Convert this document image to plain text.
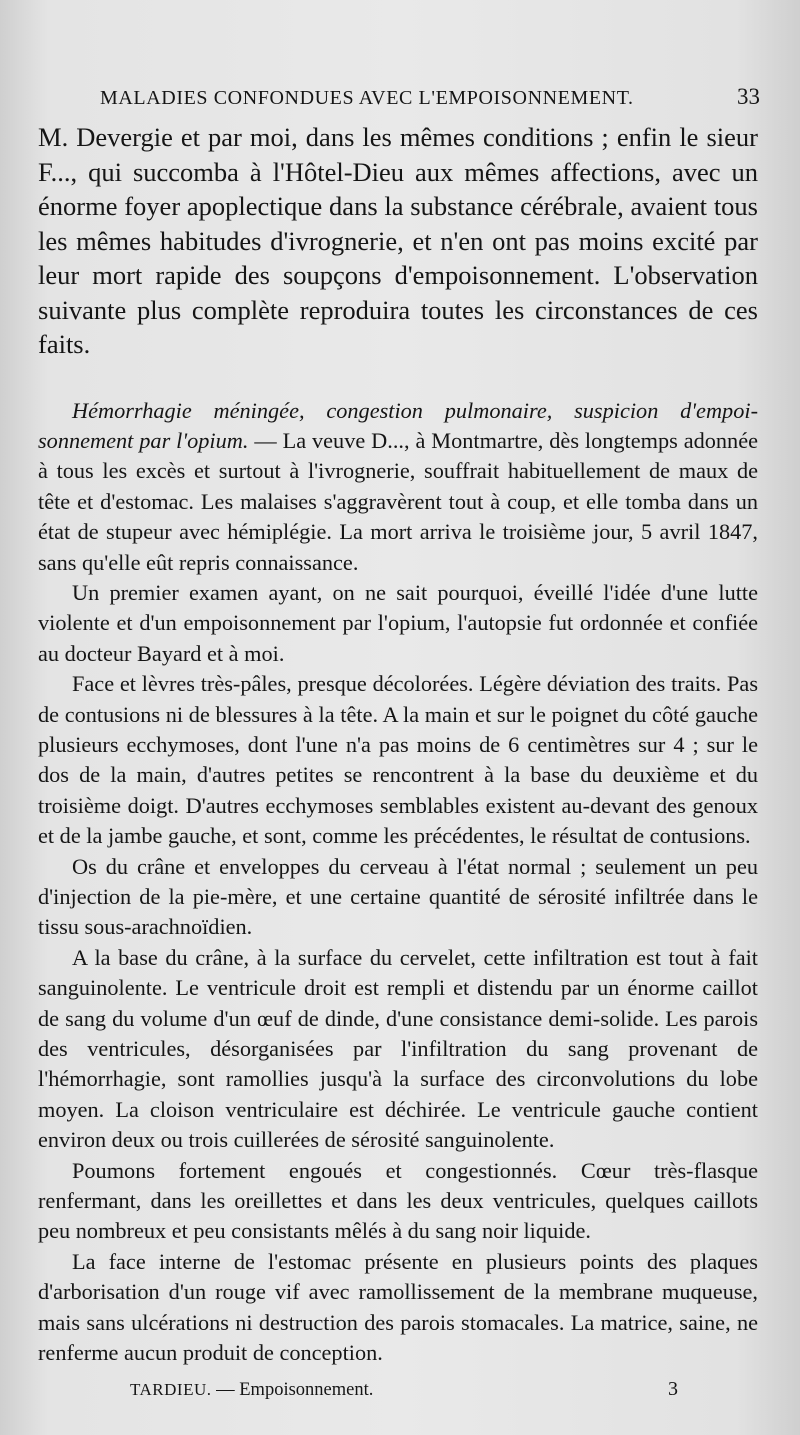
MALADIES CONFONDUES AVEC L'EMPOISONNEMENT.	33

M. Devergie et par moi, dans les mêmes conditions ; enfin le sieur F..., qui succomba à l'Hôtel-Dieu aux mêmes affections, avec un énorme foyer apoplectique dans la substance cérébrale, avaient tous les mêmes habitudes d'ivrognerie, et n'en ont pas moins excité par leur mort rapide des soupçons d'empoisonnement. L'observation suivante plus complète reproduira toutes les circonstances de ces faits.

Hémorrhagie méningée, congestion pulmonaire, suspicion d'empoisonnement par l'opium. — La veuve D..., à Montmartre, dès longtemps adonnée à tous les excès et surtout à l'ivrognerie, souffrait habituellement de maux de tête et d'estomac. Les malaises s'aggravèrent tout à coup, et elle tomba dans un état de stupeur avec hémiplégie. La mort arriva le troisième jour, 5 avril 1847, sans qu'elle eût repris connaissance.

Un premier examen ayant, on ne sait pourquoi, éveillé l'idée d'une lutte violente et d'un empoisonnement par l'opium, l'autopsie fut ordonnée et confiée au docteur Bayard et à moi.

Face et lèvres très-pâles, presque décolorées. Légère déviation des traits. Pas de contusions ni de blessures à la tête. A la main et sur le poignet du côté gauche plusieurs ecchymoses, dont l'une n'a pas moins de 6 centimètres sur 4 ; sur le dos de la main, d'autres petites se rencontrent à la base du deuxième et du troisième doigt. D'autres ecchymoses semblables existent au-devant des genoux et de la jambe gauche, et sont, comme les précédentes, le résultat de contusions.

Os du crâne et enveloppes du cerveau à l'état normal ; seulement un peu d'injection de la pie-mère, et une certaine quantité de sérosité infiltrée dans le tissu sous-arachnoïdien.

A la base du crâne, à la surface du cervelet, cette infiltration est tout à fait sanguinolente. Le ventricule droit est rempli et distendu par un énorme caillot de sang du volume d'un œuf de dinde, d'une consistance demi-solide. Les parois des ventricules, désorganisées par l'infiltration du sang provenant de l'hémorrhagie, sont ramollies jusqu'à la surface des circonvolutions du lobe moyen. La cloison ventriculaire est déchirée. Le ventricule gauche contient environ deux ou trois cuillerées de sérosité sanguinolente.

Poumons fortement engoués et congestionnés. Cœur très-flasque renfermant, dans les oreillettes et dans les deux ventricules, quelques caillots peu nombreux et peu consistants mêlés à du sang noir liquide.

La face interne de l'estomac présente en plusieurs points des plaques d'arborisation d'un rouge vif avec ramollissement de la membrane muqueuse, mais sans ulcérations ni destruction des parois stomacales. La matrice, saine, ne renferme aucun produit de conception.

TARDIEU. — Empoisonnement.	3
